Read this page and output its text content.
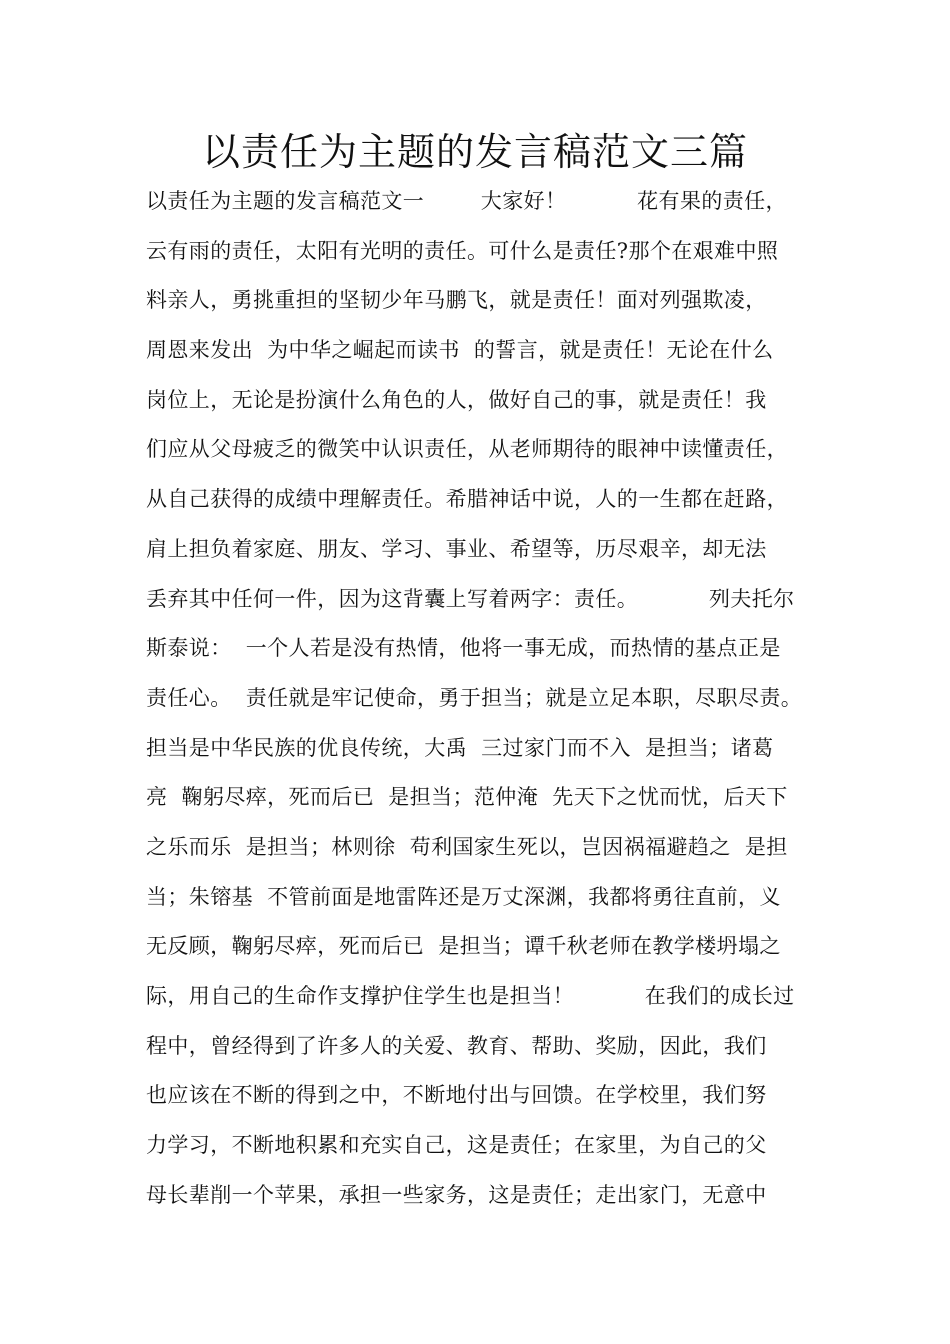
以责任为主题的发言稿范文三篇
以责任为主题的发言稿范文一        大家好！          花有果的责任，
云有雨的责任，太阳有光明的责任。可什么是责任?那个在艰难中照
料亲人，勇挑重担的坚韧少年马鹏飞，就是责任！面对列强欺凌，
周恩来发出  为中华之崛起而读书  的誓言，就是责任！无论在什么
岗位上，无论是扮演什么角色的人，做好自己的事，就是责任！我
们应从父母疲乏的微笑中认识责任，从老师期待的眼神中读懂责任，
从自己获得的成绩中理解责任。希腊神话中说，人的一生都在赶路，
肩上担负着家庭、朋友、学习、事业、希望等，历尽艰辛，却无法
丢弃其中任何一件，因为这背囊上写着两字：责任。          列夫托尔
斯泰说：  一个人若是没有热情，他将一事无成，而热情的基点正是
责任心。  责任就是牢记使命，勇于担当；就是立足本职，尽职尽责。
担当是中华民族的优良传统，大禹  三过家门而不入  是担当；诸葛
亮  鞠躬尽瘁，死而后已  是担当；范仲淹  先天下之忧而忧，后天下
之乐而乐  是担当；林则徐  苟利国家生死以，岂因祸福避趋之  是担
当；朱镕基  不管前面是地雷阵还是万丈深渊，我都将勇往直前，义
无反顾，鞠躬尽瘁，死而后已  是担当；谭千秋老师在教学楼坍塌之
际，用自己的生命作支撑护住学生也是担当！          在我们的成长过
程中，曾经得到了许多人的关爱、教育、帮助、奖励，因此，我们
也应该在不断的得到之中，不断地付出与回馈。在学校里，我们努
力学习，不断地积累和充实自己，这是责任；在家里，为自己的父
母长辈削一个苹果，承担一些家务，这是责任；走出家门，无意中
